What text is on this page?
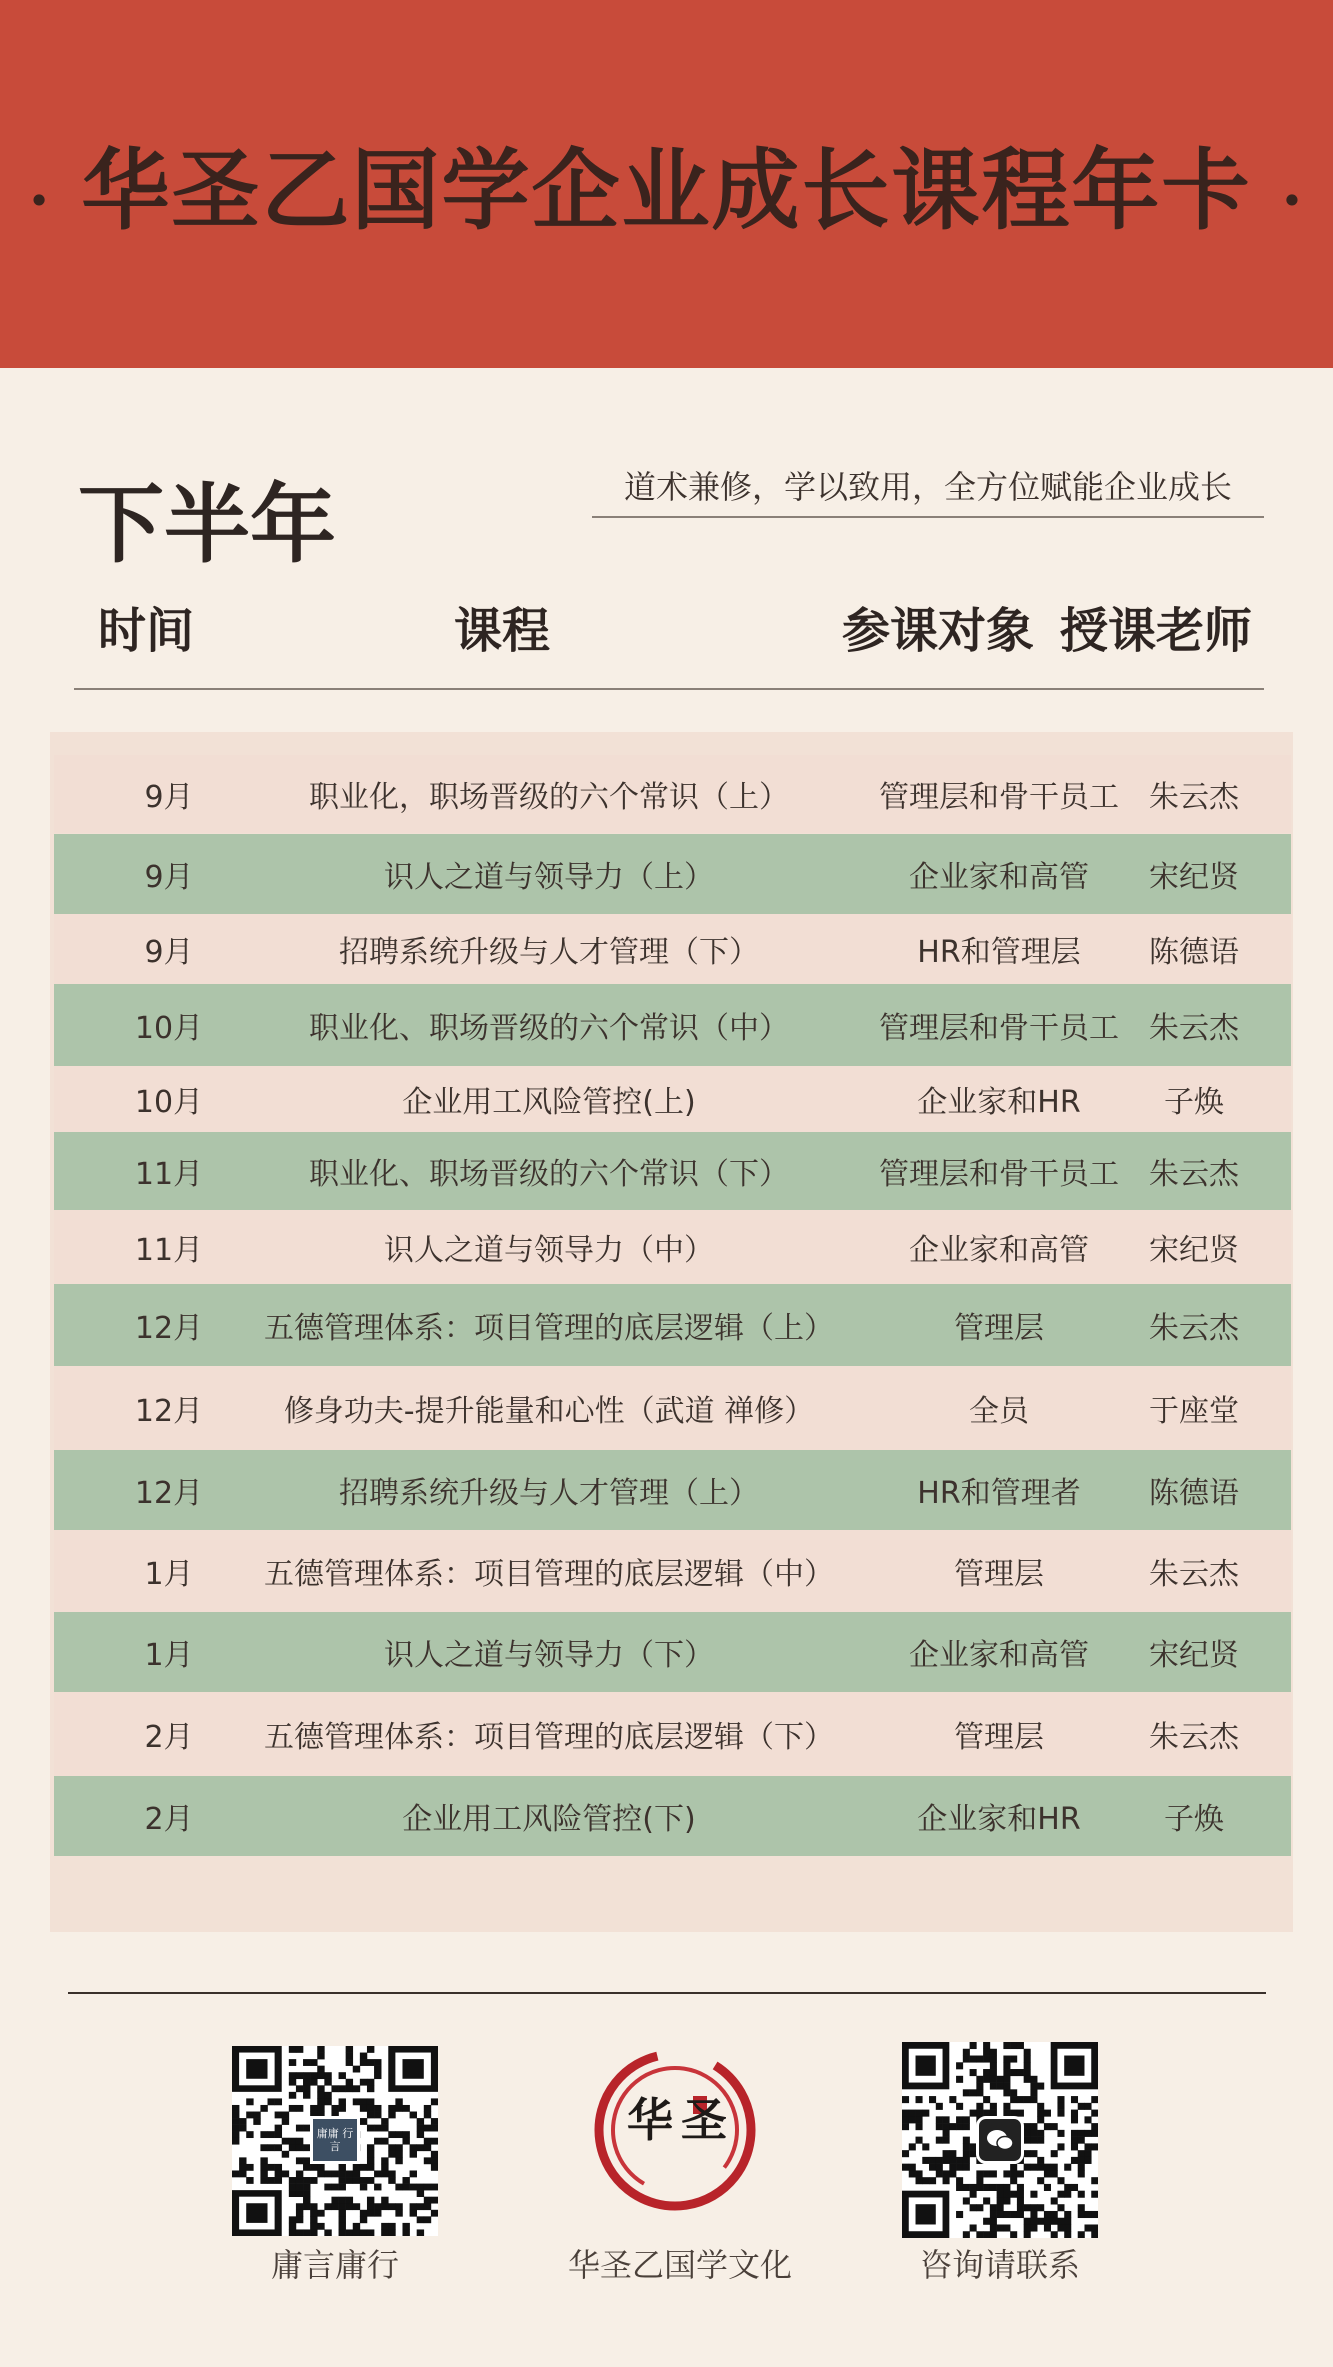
· 华圣乙国学企业成长课程年卡 ·
下半年	道术兼修，学以致用，全方位赋能企业成长
时间	课程	参课对象 授课老师
9月	职业化，职场晋级的六个常识（上）	管理层和骨干员工	朱云杰
9月	识人之道与领导力（上）	企业家和高管	宋纪贤
9月	招聘系统升级与人才管理（下）	HR和管理层	陈德语
10月	职业化、职场晋级的六个常识（中）	管理层和骨干员工	朱云杰
10月	企业用工风险管控(上)	企业家和HR	子焕
11月	职业化、职场晋级的六个常识（下）	管理层和骨干员工	朱云杰
11月	识人之道与领导力（中）	企业家和高管	宋纪贤
12月	五德管理体系：项目管理的底层逻辑（上）	管理层	朱云杰
12月	修身功夫-提升能量和心性（武道 禅修）	全员	于座堂
12月	招聘系统升级与人才管理（上）	HR和管理者	陈德语
1月	五德管理体系：项目管理的底层逻辑（中）	管理层	朱云杰
1月	识人之道与领导力（下）	企业家和高管	宋纪贤
2月	五德管理体系：项目管理的底层逻辑（下）	管理层	朱云杰
2月	企业用工风险管控(下)	企业家和HR	子焕
庸庸 行言	华 圣
庸言庸行	华圣乙国学文化	咨询请联系
